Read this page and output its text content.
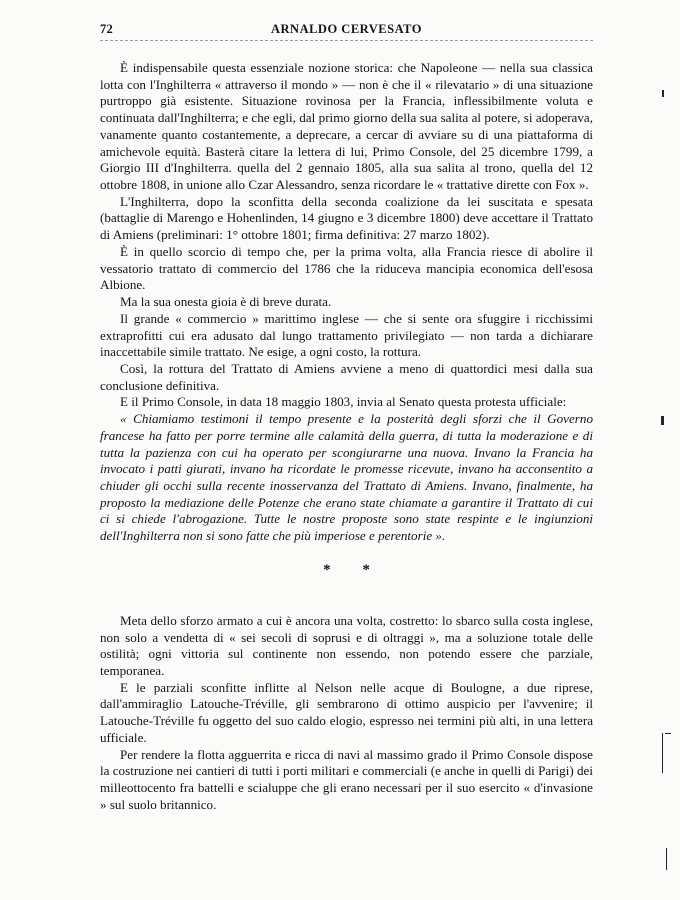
72	ARNALDO CERVESATO

È indispensabile questa essenziale nozione storica: che Napoleone — nella sua classica lotta con l'Inghilterra « attraverso il mondo » — non è che il « rilevatario » di una situazione purtroppo già esistente. Situazione rovinosa per la Francia, inflessibilmente voluta e continuata dall'Inghilterra; e che egli, dal primo giorno della sua salita al potere, si adoperava, vanamente quanto costantemente, a deprecare, a cercar di avviare su di una piattaforma di amichevole equità. Basterà citare la lettera di lui, Primo Console, del 25 dicembre 1799, a Giorgio III d'Inghilterra. quella del 2 gennaio 1805, alla sua salita al trono, quella del 12 ottobre 1808, in unione allo Czar Alessandro, senza ricordare le « trattative dirette con Fox ».

L'Inghilterra, dopo la sconfitta della seconda coalizione da lei suscitata e spesata (battaglie di Marengo e Hohenlinden, 14 giugno e 3 dicembre 1800) deve accettare il Trattato di Amiens (preliminari: 1° ottobre 1801; firma definitiva: 27 marzo 1802).

È in quello scorcio di tempo che, per la prima volta, alla Francia riesce di abolire il vessatorio trattato di commercio del 1786 che la riduceva mancipia economica dell'esosa Albione.

Ma la sua onesta gioia è di breve durata.

Il grande « commercio » marittimo inglese — che si sente ora sfuggire i ricchissimi extraprofitti cui era adusato dal lungo trattamento privilegiato — non tarda a dichiarare inaccettabile simile trattato. Ne esige, a ogni costo, la rottura.

Così, la rottura del Trattato di Amiens avviene a meno di quattordici mesi dalla sua conclusione definitiva.

E il Primo Console, in data 18 maggio 1803, invia al Senato questa protesta ufficiale:

« Chiamiamo testimoni il tempo presente e la posterità degli sforzi che il Governo francese ha fatto per porre termine alle calamità della guerra, di tutta la moderazione e di tutta la pazienza con cui ha operato per scongiurarne una nuova. Invano la Francia ha invocato i patti giurati, invano ha ricordate le promesse ricevute, invano ha acconsentito a chiuder gli occhi sulla recente inosservanza del Trattato di Amiens. Invano, finalmente, ha proposto la mediazione delle Potenze che erano state chiamate a garantire il Trattato di cui ci si chiede l'abrogazione. Tutte le nostre proposte sono state respinte e le ingiunzioni dell'Inghilterra non si sono fatte che più imperiose e perentorie ».

* *

Meta dello sforzo armato a cui è ancora una volta, costretto: lo sbarco sulla costa inglese, non solo a vendetta di « sei secoli di soprusi e di oltraggi », ma a soluzione totale delle ostilità; ogni vittoria sul continente non essendo, non potendo essere che parziale, temporanea.

E le parziali sconfitte inflitte al Nelson nelle acque di Boulogne, a due riprese, dall'ammiraglio Latouche-Tréville, gli sembrarono di ottimo auspicio per l'avvenire; il Latouche-Tréville fu oggetto del suo caldo elogio, espresso nei termini più alti, in una lettera ufficiale.

Per rendere la flotta agguerrita e ricca di navi al massimo grado il Primo Console dispose la costruzione nei cantieri di tutti i porti militari e commerciali (e anche in quelli di Parigi) dei milleottocento fra battelli e scialuppe che gli erano necessari per il suo esercito « d'invasione » sul suolo britannico.
